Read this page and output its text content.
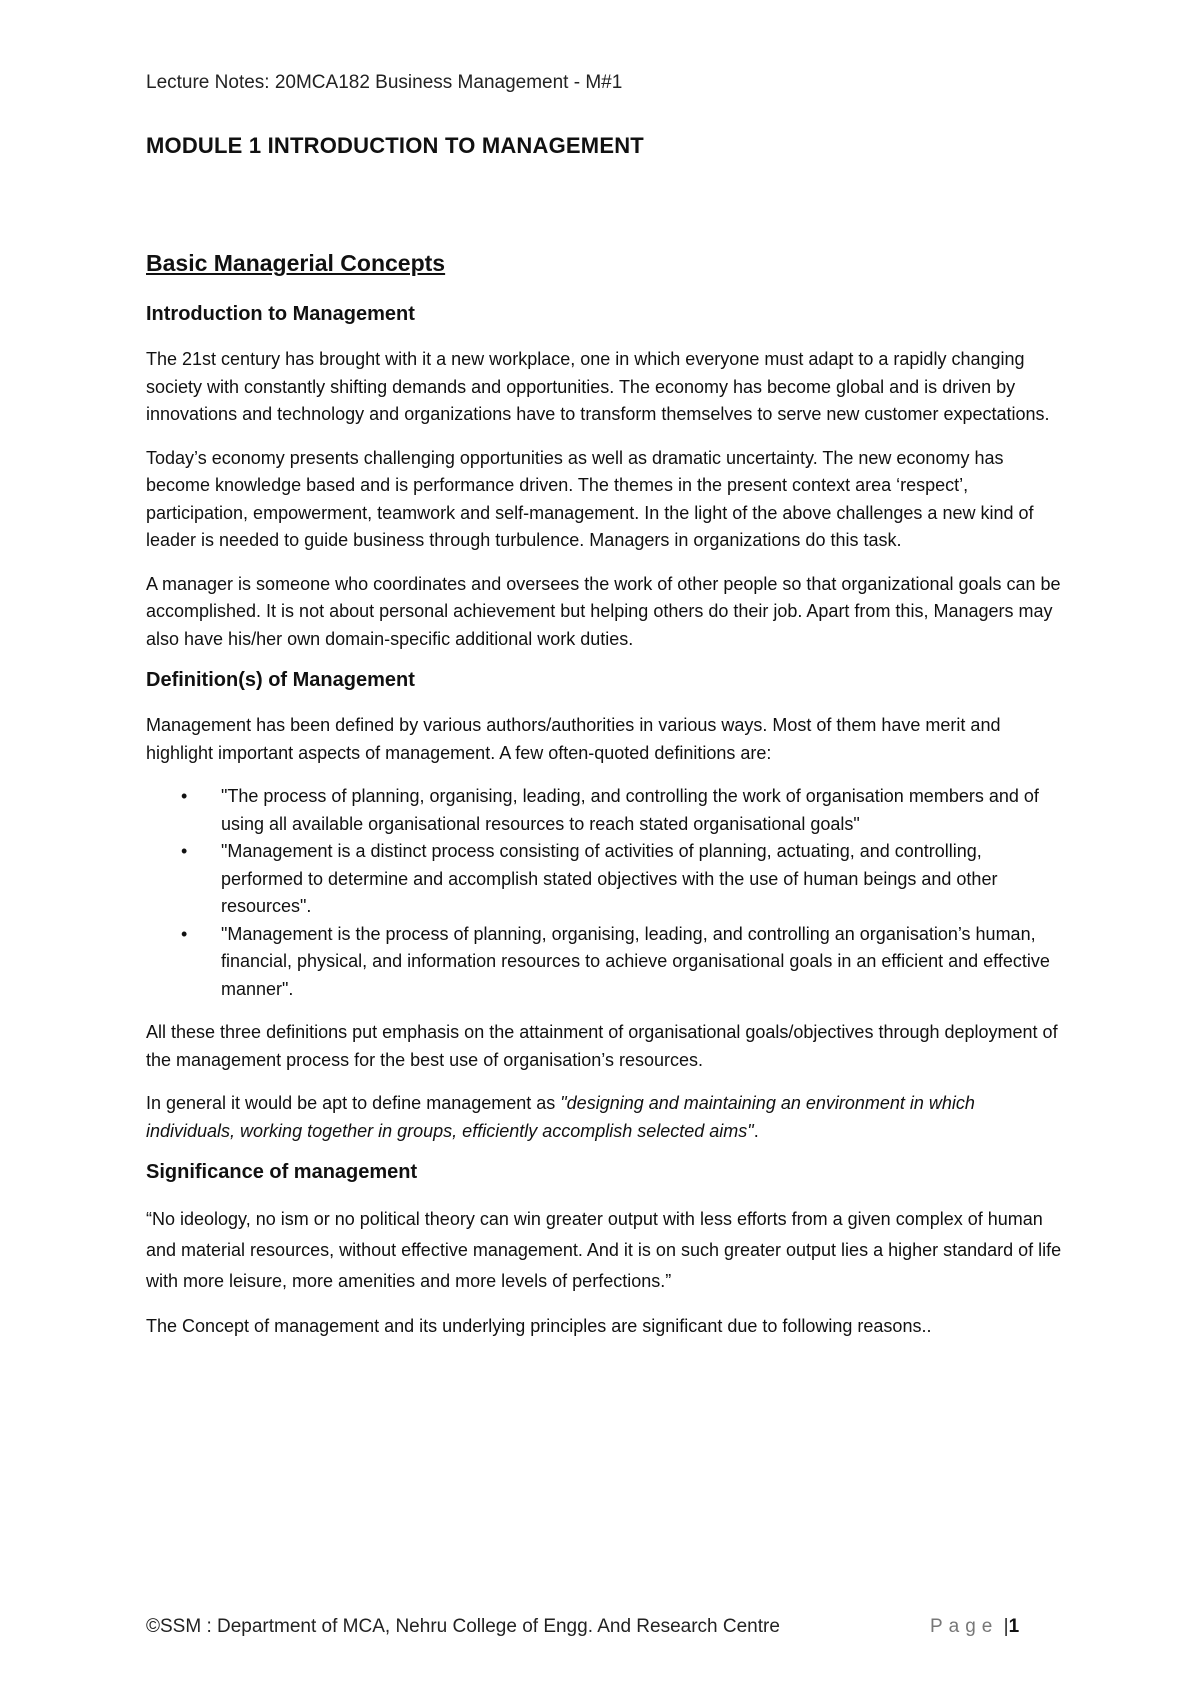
Lecture Notes: 20MCA182 Business Management - M#1
MODULE 1 INTRODUCTION TO MANAGEMENT
Basic Managerial Concepts
Introduction to Management

The 21st century has brought with it a new workplace, one in which everyone must adapt to a rapidly changing society with constantly shifting demands and opportunities. The economy has become global and is driven by innovations and technology and organizations have to transform themselves to serve new customer expectations.

Today’s economy presents challenging opportunities as well as dramatic uncertainty. The new economy has become knowledge based and is performance driven. The themes in the present context area ‘respect’, participation, empowerment, teamwork and self-management. In the light of the above challenges a new kind of leader is needed to guide business through turbulence. Managers in organizations do this task.

A manager is someone who coordinates and oversees the work of other people so that organizational goals can be accomplished. It is not about personal achievement but helping others do their job. Apart from this, Managers may also have his/her own domain-specific additional work duties.

Definition(s) of Management

Management has been defined by various authors/authorities in various ways. Most of them have merit and highlight important aspects of management. A few often-quoted definitions are:

• "The process of planning, organising, leading, and controlling the work of organisation members and of using all available organisational resources to reach stated organisational goals"
• "Management is a distinct process consisting of activities of planning, actuating, and controlling, performed to determine and accomplish stated objectives with the use of human beings and other resources".
• "Management is the process of planning, organising, leading, and controlling an organisation’s human, financial, physical, and information resources to achieve organisational goals in an efficient and effective manner".

All these three definitions put emphasis on the attainment of organisational goals/objectives through deployment of the management process for the best use of organisation’s resources.

In general it would be apt to define management as "designing and maintaining an environment in which individuals, working together in groups, efficiently accomplish selected aims".

Significance of management

“No ideology, no ism or no political theory can win greater output with less efforts from a given complex of human and material resources, without effective management. And it is on such greater output lies a higher standard of life with more leisure, more amenities and more levels of perfections.”

The Concept of management and its underlying principles are significant due to following reasons..

©SSM : Department of MCA, Nehru College of Engg. And Research Centre	Page |1
